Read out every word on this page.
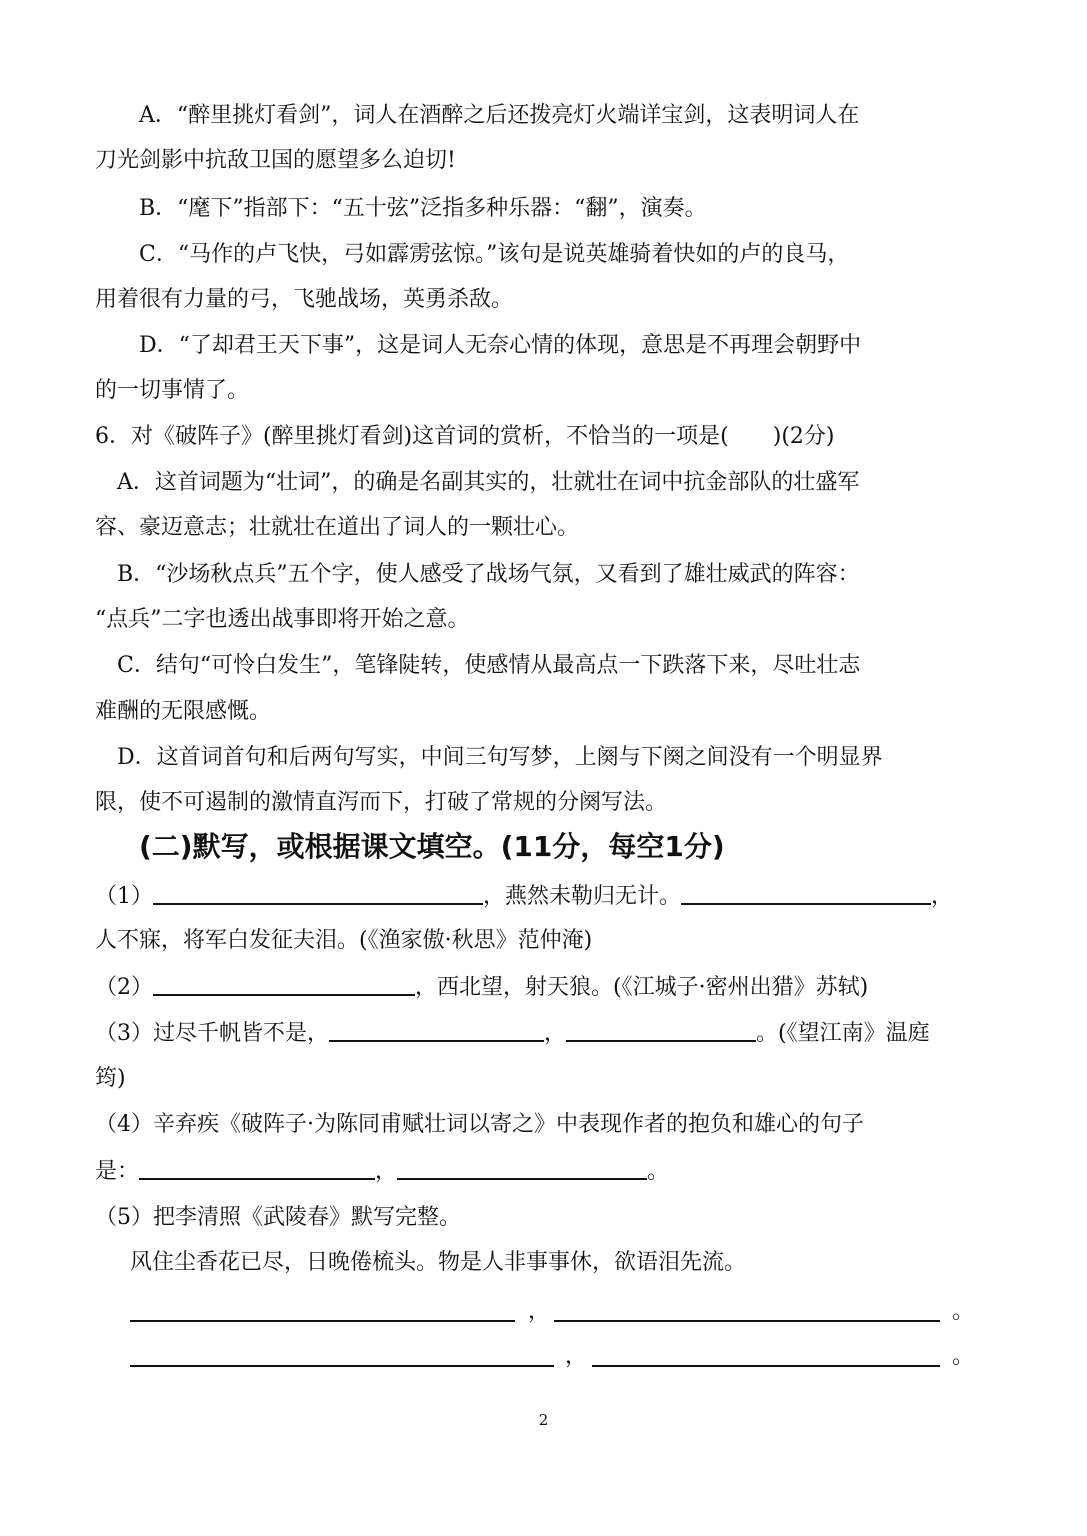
A．“醉里挑灯看剑”，词人在酒醉之后还拨亮灯火端详宝剑，这表明词人在
刀光剑影中抗敌卫国的愿望多么迫切!
B．“麾下”指部下：“五十弦”泛指多种乐器：“翻”，演奏。
C．“马作的卢飞快，弓如霹雳弦惊。”该句是说英雄骑着快如的卢的良马，
用着很有力量的弓，飞驰战场，英勇杀敌。
D．“了却君王天下事”，这是词人无奈心情的体现，意思是不再理会朝野中
的一切事情了。
6．对《破阵子》(醉里挑灯看剑)这首词的赏析，不恰当的一项是(　　)(2分)
A．这首词题为“壮词”，的确是名副其实的，壮就壮在词中抗金部队的壮盛军
容、豪迈意志；壮就壮在道出了词人的一颗壮心。
B．“沙场秋点兵”五个字，使人感受了战场气氛，又看到了雄壮威武的阵容：
“点兵”二字也透出战事即将开始之意。
C．结句“可怜白发生”，笔锋陡转，使感情从最高点一下跌落下来，尽吐壮志
难酬的无限感慨。
D．这首词首句和后两句写实，中间三句写梦，上阕与下阕之间没有一个明显界
限，使不可遏制的激情直泻而下，打破了常规的分阕写法。
(二)默写，或根据课文填空。(11分，每空1分)
（1）	，燕然未勒归无计。	，
人不寐，将军白发征夫泪。(《渔家傲·秋思》范仲淹)
（2）	，西北望，射天狼。(《江城子·密州出猎》苏轼)
（3）过尽千帆皆不是，	，	。(《望江南》温庭
筠)
（4）辛弃疾《破阵子·为陈同甫赋壮词以寄之》中表现作者的抱负和雄心的句子
是：	，	。
（5）把李清照《武陵春》默写完整。
风住尘香花已尽，日晚倦梳头。物是人非事事休，欲语泪先流。
，	。
，	。
2
